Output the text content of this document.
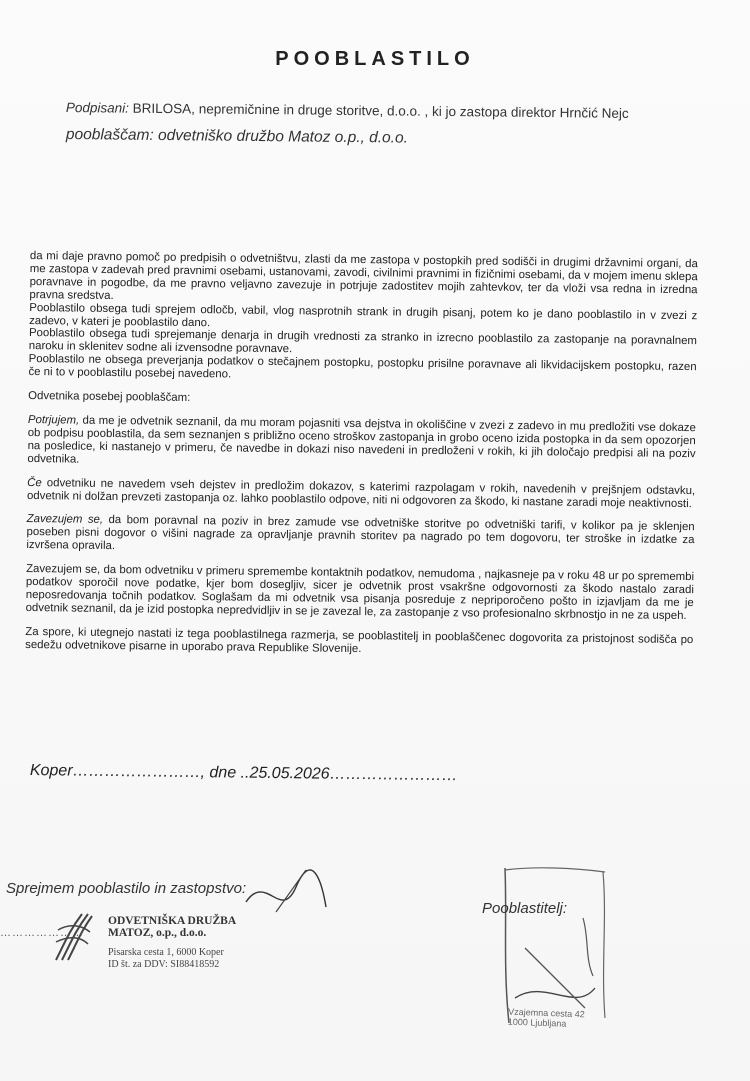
POOBLASTILO
Podpisani: BRILOSA, nepremičnine in druge storitve, d.o.o. , ki jo zastopa direktor Hrnčić Nejc
pooblaščam: odvetniško družbo Matoz o.p., d.o.o.

da mi daje pravno pomoč po predpisih o odvetništvu, zlasti da me zastopa v postopkih pred sodišči in drugimi državnimi organi, da me zastopa v zadevah pred pravnimi osebami, ustanovami, zavodi, civilnimi pravnimi in fizičnimi osebami, da v mojem imenu sklepa poravnave in pogodbe, da me pravno veljavno zavezuje in potrjuje zadostitev mojih zahtevkov, ter da vloži vsa redna in izredna pravna sredstva.

Pooblastilo obsega tudi sprejem odločb, vabil, vlog nasprotnih strank in drugih pisanj, potem ko je dano pooblastilo in v zvezi z zadevo, v kateri je pooblastilo dano.

Pooblastilo obsega tudi sprejemanje denarja in drugih vrednosti za stranko in izrecno pooblastilo za zastopanje na poravnalnem naroku in sklenitev sodne ali izvensodne poravnave.

Pooblastilo ne obsega preverjanja podatkov o stečajnem postopku, postopku prisilne poravnave ali likvidacijskem postopku, razen če ni to v pooblastilu posebej navedeno.

Odvetnika posebej pooblaščam:

Potrjujem, da me je odvetnik seznanil, da mu moram pojasniti vsa dejstva in okoliščine v zvezi z zadevo in mu predložiti vse dokaze ob podpisu pooblastila, da sem seznanjen s približno oceno stroškov zastopanja in grobo oceno izida postopka in da sem opozorjen na posledice, ki nastanejo v primeru, če navedbe in dokazi niso navedeni in predloženi v rokih, ki jih določajo predpisi ali na poziv odvetnika.

Če odvetniku ne navedem vseh dejstev in predložim dokazov, s katerimi razpolagam v rokih, navedenih v prejšnjem odstavku, odvetnik ni dolžan prevzeti zastopanja oz. lahko pooblastilo odpove, niti ni odgovoren za škodo, ki nastane zaradi moje neaktivnosti.

Zavezujem se, da bom poravnal na poziv in brez zamude vse odvetniške storitve po odvetniški tarifi, v kolikor pa je sklenjen poseben pisni dogovor o višini nagrade za opravljanje pravnih storitev pa nagrado po tem dogovoru, ter stroške in izdatke za izvršena opravila.

Zavezujem se, da bom odvetniku v primeru spremembe kontaktnih podatkov, nemudoma , najkasneje pa v roku 48 ur po spremembi podatkov sporočil nove podatke, kjer bom dosegljiv, sicer je odvetnik prost vsakršne odgovornosti za škodo nastalo zaradi neposredovanja točnih podatkov. Soglašam da mi odvetnik vsa pisanja posreduje z nepriporočeno pošto in izjavljam da me je odvetnik seznanil, da je izid postopka nepredvidljiv in se je zavezal le, za zastopanje z vso profesionalno skrbnostjo in ne za uspeh.

Za spore, ki utegnejo nastati iz tega pooblastilnega razmerja, se pooblastitelj in pooblaščenec dogovorita za pristojnost sodišča po sedežu odvetnikove pisarne in uporabo prava Republike Slovenije.

Koper……………………, dne ..25.05.2026……………………
Sprejmem pooblastilo in zastopstvo:
…………………
ODVETNIŠKA DRUŽBA
MATOZ, o.p., d.o.o.
Pisarska cesta 1, 6000 Koper
ID št. za DDV: SI88418592
Pooblastitelj:
Vzajemna cesta 42
1000 Ljubljana
